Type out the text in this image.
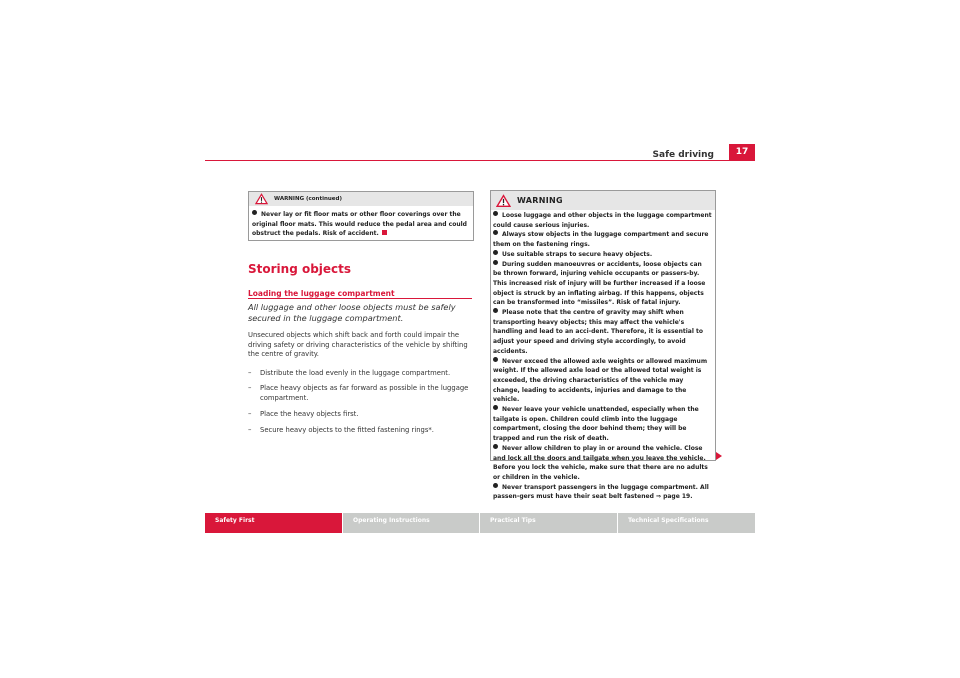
Safe driving	17
WARNING (continued)

Never lay or fit floor mats or other floor coverings over the original floor mats. This would reduce the pedal area and could obstruct the pedals. Risk of accident.

Storing objects
Loading the luggage compartment
All luggage and other loose objects must be safely secured in the luggage compartment.
Unsecured objects which shift back and forth could impair the driving safety or driving characteristics of the vehicle by shifting the centre of gravity.
–	Distribute the load evenly in the luggage compartment.
–	Place heavy objects as far forward as possible in the luggage compartment.
–	Place the heavy objects first.
–	Secure heavy objects to the fitted fastening rings*.
WARNING

Loose luggage and other objects in the luggage compartment could cause serious injuries.

Always stow objects in the luggage compartment and secure them on the fastening rings.

Use suitable straps to secure heavy objects.

During sudden manoeuvres or accidents, loose objects can be thrown forward, injuring vehicle occupants or passers-by. This increased risk of injury will be further increased if a loose object is struck by an inflating airbag. If this happens, objects can be transformed into “missiles”. Risk of fatal injury.

Please note that the centre of gravity may shift when transporting heavy objects; this may affect the vehicle's handling and lead to an acci-dent. Therefore, it is essential to adjust your speed and driving style accordingly, to avoid accidents.

Never exceed the allowed axle weights or allowed maximum weight. If the allowed axle load or the allowed total weight is exceeded, the driving characteristics of the vehicle may change, leading to accidents, injuries and damage to the vehicle.

Never leave your vehicle unattended, especially when the tailgate is open. Children could climb into the luggage compartment, closing the door behind them; they will be trapped and run the risk of death.

Never allow children to play in or around the vehicle. Close and lock all the doors and tailgate when you leave the vehicle. Before you lock the vehicle, make sure that there are no adults or children in the vehicle.

Never transport passengers in the luggage compartment. All passen-gers must have their seat belt fastened ⇒ page 19.

Safety First	Operating Instructions	Practical Tips	Technical Specifications
